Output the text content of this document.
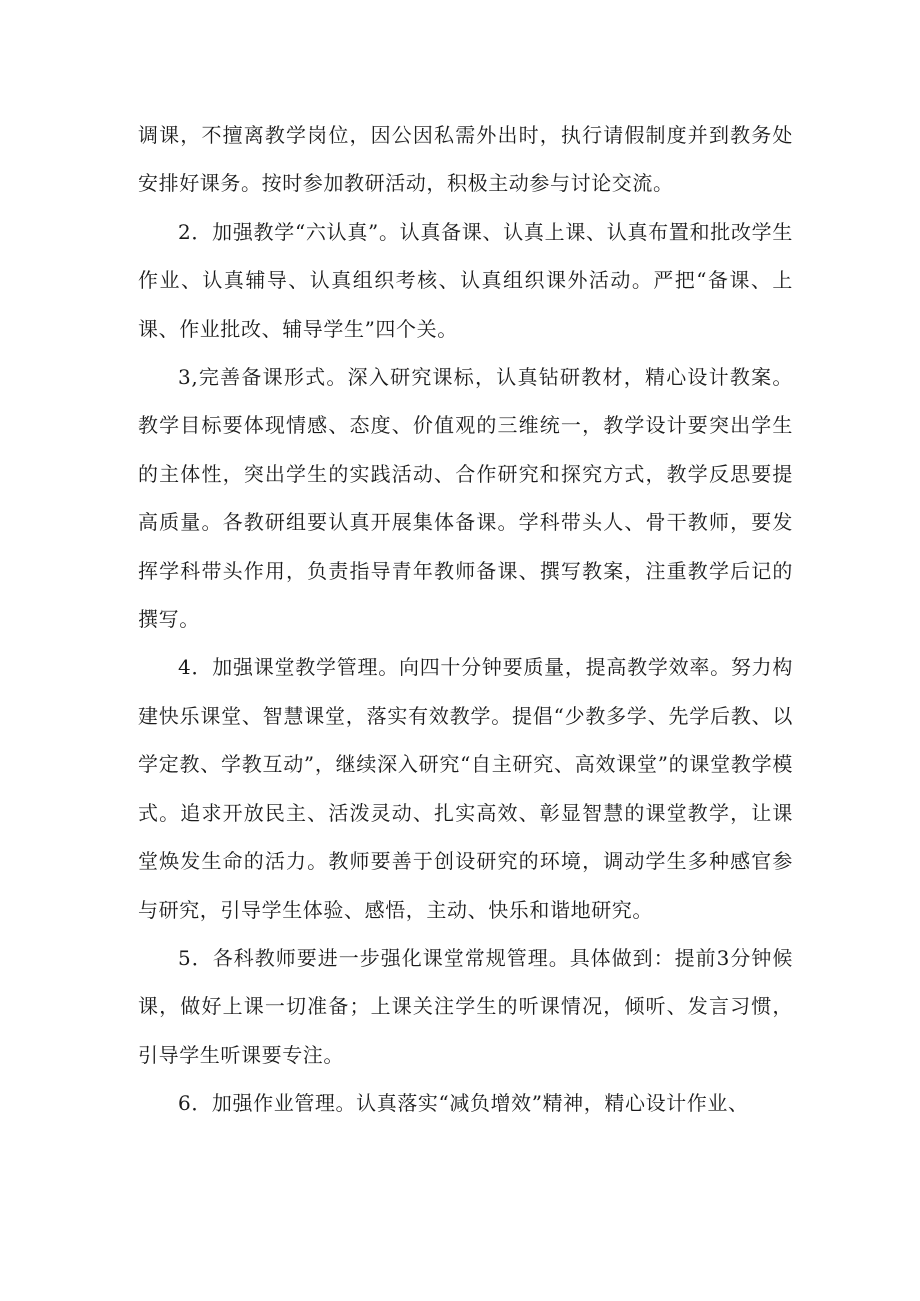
调课，不擅离教学岗位，因公因私需外出时，执行请假制度并到教务处安排好课务。按时参加教研活动，积极主动参与讨论交流。

2．加强教学“六认真”。认真备课、认真上课、认真布置和批改学生作业、认真辅导、认真组织考核、认真组织课外活动。严把“备课、上课、作业批改、辅导学生”四个关。

3,完善备课形式。深入研究课标，认真钻研教材，精心设计教案。教学目标要体现情感、态度、价值观的三维统一，教学设计要突出学生的主体性，突出学生的实践活动、合作研究和探究方式，教学反思要提高质量。各教研组要认真开展集体备课。学科带头人、骨干教师，要发挥学科带头作用，负责指导青年教师备课、撰写教案，注重教学后记的撰写。

4．加强课堂教学管理。向四十分钟要质量，提高教学效率。努力构建快乐课堂、智慧课堂，落实有效教学。提倡“少教多学、先学后教、以学定教、学教互动”，继续深入研究“自主研究、高效课堂”的课堂教学模式。追求开放民主、活泼灵动、扎实高效、彰显智慧的课堂教学，让课堂焕发生命的活力。教师要善于创设研究的环境，调动学生多种感官参与研究，引导学生体验、感悟，主动、快乐和谐地研究。

5．各科教师要进一步强化课堂常规管理。具体做到：提前3分钟候课，做好上课一切准备；上课关注学生的听课情况，倾听、发言习惯，引导学生听课要专注。

6．加强作业管理。认真落实“减负增效”精神，精心设计作业、
